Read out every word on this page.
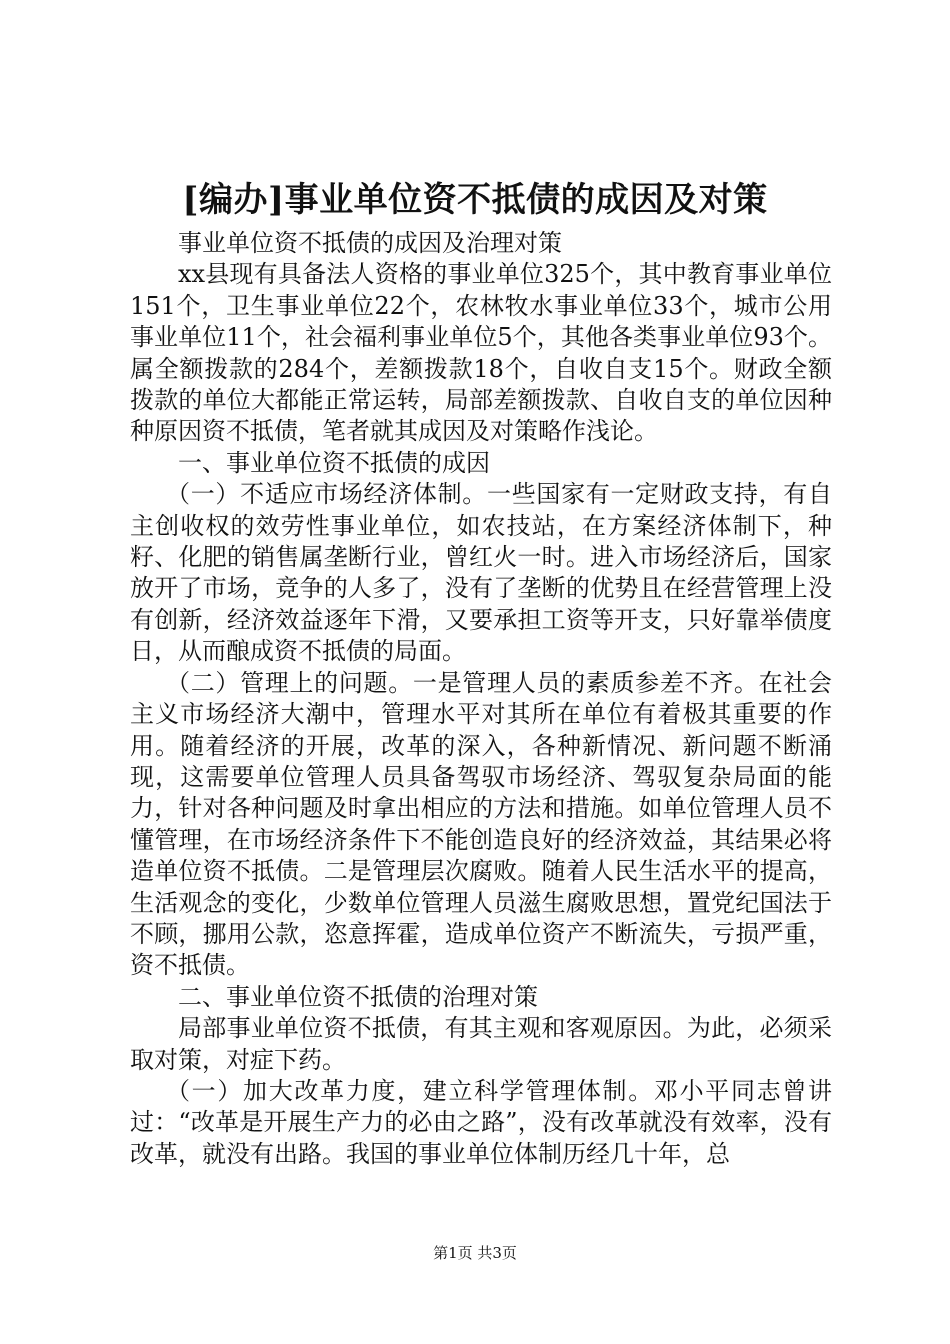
[编办]事业单位资不抵债的成因及对策

事业单位资不抵债的成因及治理对策

xx县现有具备法人资格的事业单位325个，其中教育事业单位151个，卫生事业单位22个，农林牧水事业单位33个，城市公用事业单位11个，社会福利事业单位5个，其他各类事业单位93个。属全额拨款的284个，差额拨款18个，自收自支15个。财政全额拨款的单位大都能正常运转，局部差额拨款、自收自支的单位因种种原因资不抵债，笔者就其成因及对策略作浅论。

一、事业单位资不抵债的成因

（一）不适应市场经济体制。一些国家有一定财政支持，有自主创收权的效劳性事业单位，如农技站，在方案经济体制下，种籽、化肥的销售属垄断行业，曾红火一时。进入市场经济后，国家放开了市场，竞争的人多了，没有了垄断的优势且在经营管理上没有创新，经济效益逐年下滑，又要承担工资等开支，只好靠举债度日，从而酿成资不抵债的局面。

（二）管理上的问题。一是管理人员的素质参差不齐。在社会主义市场经济大潮中，管理水平对其所在单位有着极其重要的作用。随着经济的开展，改革的深入，各种新情况、新问题不断涌现，这需要单位管理人员具备驾驭市场经济、驾驭复杂局面的能力，针对各种问题及时拿出相应的方法和措施。如单位管理人员不懂管理，在市场经济条件下不能创造良好的经济效益，其结果必将造单位资不抵债。二是管理层次腐败。随着人民生活水平的提高，生活观念的变化，少数单位管理人员滋生腐败思想，置党纪国法于不顾，挪用公款，恣意挥霍，造成单位资产不断流失，亏损严重，资不抵债。

二、事业单位资不抵债的治理对策

局部事业单位资不抵债，有其主观和客观原因。为此，必须采取对策，对症下药。

（一）加大改革力度，建立科学管理体制。邓小平同志曾讲过：“改革是开展生产力的必由之路”，没有改革就没有效率，没有改革，就没有出路。我国的事业单位体制历经几十年，总

第1页 共3页
